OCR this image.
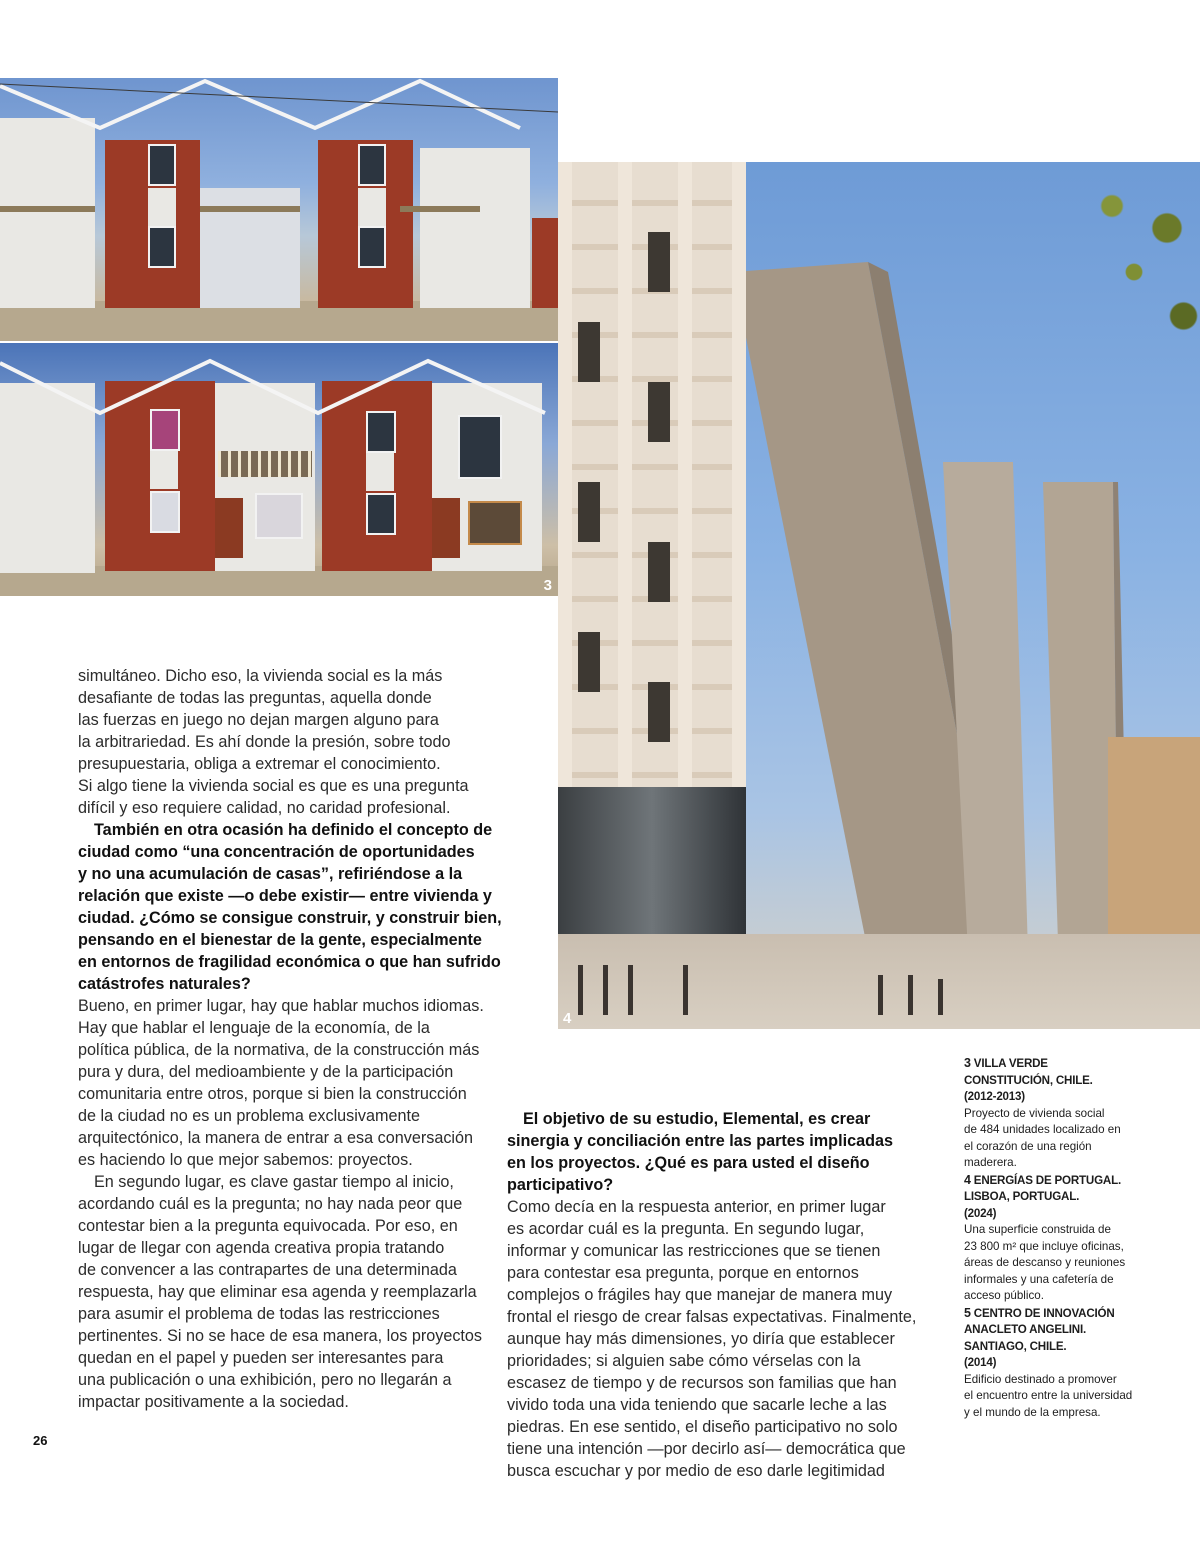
3
4

simultáneo. Dicho eso, la vivienda social es la más
desafiante de todas las preguntas, aquella donde
las fuerzas en juego no dejan margen alguno para
la arbitrariedad. Es ahí donde la presión, sobre todo
presupuestaria, obliga a extremar el conocimiento.
Si algo tiene la vivienda social es que es una pregunta
difícil y eso requiere calidad, no caridad profesional.

También en otra ocasión ha definido el concepto de
ciudad como “una concentración de oportunidades
y no una acumulación de casas”, refiriéndose a la
relación que existe —o debe existir— entre vivienda y
ciudad. ¿Cómo se consigue construir, y construir bien,
pensando en el bienestar de la gente, especialmente
en entornos de fragilidad económica o que han sufrido
catástrofes naturales?

Bueno, en primer lugar, hay que hablar muchos idiomas.
Hay que hablar el lenguaje de la economía, de la
política pública, de la normativa, de la construcción más
pura y dura, del medioambiente y de la participación
comunitaria entre otros, porque si bien la construcción
de la ciudad no es un problema exclusivamente
arquitectónico, la manera de entrar a esa conversación
es haciendo lo que mejor sabemos: proyectos.

En segundo lugar, es clave gastar tiempo al inicio,
acordando cuál es la pregunta; no hay nada peor que
contestar bien a la pregunta equivocada. Por eso, en
lugar de llegar con agenda creativa propia tratando
de convencer a las contrapartes de una determinada
respuesta, hay que eliminar esa agenda y reemplazarla
para asumir el problema de todas las restricciones
pertinentes. Si no se hace de esa manera, los proyectos
quedan en el papel y pueden ser interesantes para
una publicación o una exhibición, pero no llegarán a
impactar positivamente a la sociedad.

El objetivo de su estudio, Elemental, es crear
sinergia y conciliación entre las partes implicadas
en los proyectos. ¿Qué es para usted el diseño
participativo?

Como decía en la respuesta anterior, en primer lugar
es acordar cuál es la pregunta. En segundo lugar,
informar y comunicar las restricciones que se tienen
para contestar esa pregunta, porque en entornos
complejos o frágiles hay que manejar de manera muy
frontal el riesgo de crear falsas expectativas. Finalmente,
aunque hay más dimensiones, yo diría que establecer
prioridades; si alguien sabe cómo vérselas con la
escasez de tiempo y de recursos son familias que han
vivido toda una vida teniendo que sacarle leche a las
piedras. En ese sentido, el diseño participativo no solo
tiene una intención —por decirlo así— democrática que
busca escuchar y por medio de eso darle legitimidad

3 VILLA VERDE
CONSTITUCIÓN, CHILE.
(2012-2013)
Proyecto de vivienda social
de 484 unidades localizado en
el corazón de una región
maderera.
4 ENERGÍAS DE PORTUGAL.
LISBOA, PORTUGAL.
(2024)
Una superficie construida de
23 800 m² que incluye oficinas,
áreas de descanso y reuniones
informales y una cafetería de
acceso público.
5 CENTRO DE INNOVACIÓN
ANACLETO ANGELINI.
SANTIAGO, CHILE.
(2014)
Edificio destinado a promover
el encuentro entre la universidad
y el mundo de la empresa.
26
